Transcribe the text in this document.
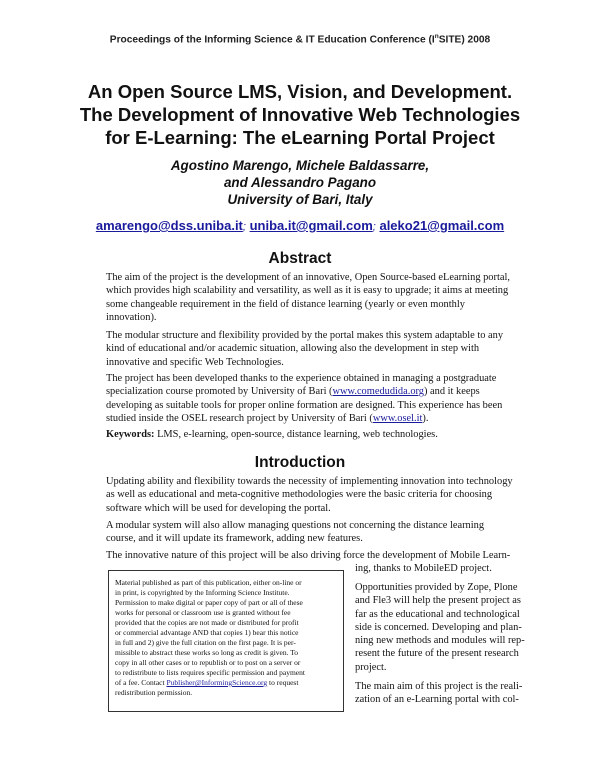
Proceedings of the Informing Science & IT Education Conference $(I^nSITE)$ 2008
An Open Source LMS, Vision, and Development.
The Development of Innovative Web Technologies
for E-Learning: The eLearning Portal Project
Agostino Marengo, Michele Baldassarre,
and Alessandro Pagano
University of Bari, Italy
amarengo@dss.uniba.it; uniba.it@gmail.com; aleko21@gmail.com
Abstract

The aim of the project is the development of an innovative, Open Source-based eLearning portal,
which provides high scalability and versatility, as well as it is easy to upgrade; it aims at meeting
some changeable requirement in the field of distance learning (yearly or even monthly
innovation).

The modular structure and flexibility provided by the portal makes this system adaptable to any
kind of educational and/or academic situation, allowing also the development in step with
innovative and specific Web Technologies.

The project has been developed thanks to the experience obtained in managing a postgraduate
specialization course promoted by University of Bari (www.comedudida.org) and it keeps
developing as suitable tools for proper online formation are designed. This experience has been
studied inside the OSEL research project by University of Bari (www.osel.it).

Keywords: LMS, e-learning, open-source, distance learning, web technologies.

Introduction

Updating ability and flexibility towards the necessity of implementing innovation into technology
as well as educational and meta-cognitive methodologies were the basic criteria for choosing
software which will be used for developing the portal.

A modular system will also allow managing questions not concerning the distance learning
course, and it will update its framework, adding new features.

The innovative nature of this project will be also driving force the development of Mobile Learn-
ing, thanks to MobileED project.

Material published as part of this publication, either on-line or
in print, is copyrighted by the Informing Science Institute.
Permission to make digital or paper copy of part or all of these
works for personal or classroom use is granted without fee
provided that the copies are not made or distributed for profit
or commercial advantage AND that copies 1) bear this notice
in full and 2) give the full citation on the first page. It is per-
missible to abstract these works so long as credit is given. To
copy in all other cases or to republish or to post on a server or
to redistribute to lists requires specific permission and payment
of a fee. Contact Publisher@InformingScience.org to request
redistribution permission.
Opportunities provided by Zope, Plone
and Fle3 will help the present project as
far as the educational and technological
side is concerned. Developing and plan-
ning new methods and modules will rep-
resent the future of the present research
project.
The main aim of this project is the reali-
zation of an e-Learning portal with col-
